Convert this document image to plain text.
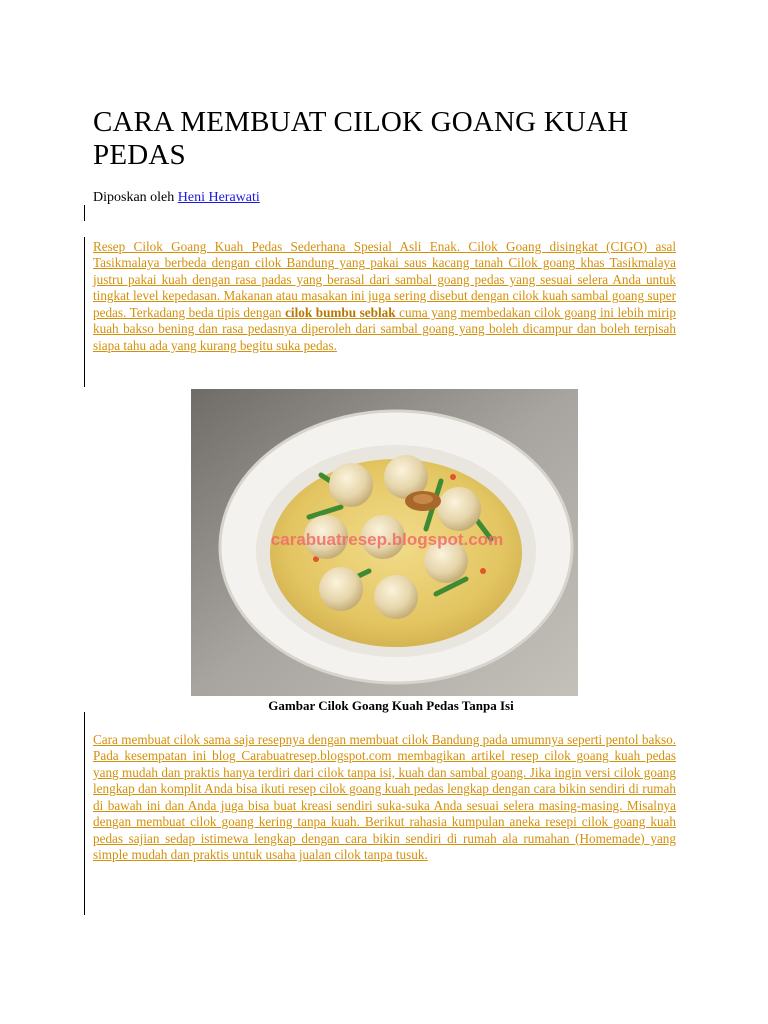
CARA MEMBUAT CILOK GOANG KUAH PEDAS
Diposkan oleh Heni Herawati

Resep Cilok Goang Kuah Pedas Sederhana Spesial Asli Enak. Cilok Goang disingkat (CIGO) asal Tasikmalaya berbeda dengan cilok Bandung yang pakai saus kacang tanah Cilok goang khas Tasikmalaya justru pakai kuah dengan rasa padas yang berasal dari sambal goang pedas yang sesuai selera Anda untuk tingkat level kepedasan. Makanan atau masakan ini juga sering disebut dengan cilok kuah sambal goang super pedas. Terkadang beda tipis dengan cilok bumbu seblak cuma yang membedakan cilok goang ini lebih mirip kuah bakso bening dan rasa pedasnya diperoleh dari sambal goang yang boleh dicampur dan boleh terpisah siapa tahu ada yang kurang begitu suka pedas.

carabuatresep.blogspot.com
Gambar Cilok Goang Kuah Pedas Tanpa Isi

Cara membuat cilok sama saja resepnya dengan membuat cilok Bandung pada umumnya seperti pentol bakso. Pada kesempatan ini blog Carabuatresep.blogspot.com membagikan artikel resep cilok goang kuah pedas yang mudah dan praktis hanya terdiri dari cilok tanpa isi, kuah dan sambal goang. Jika ingin versi cilok goang lengkap dan komplit Anda bisa ikuti resep cilok goang kuah pedas lengkap dengan cara bikin sendiri di rumah di bawah ini dan Anda juga bisa buat kreasi sendiri suka-suka Anda sesuai selera masing-masing. Misalnya dengan membuat cilok goang kering tanpa kuah. Berikut rahasia kumpulan aneka resepi cilok goang kuah pedas sajian sedap istimewa lengkap dengan cara bikin sendiri di rumah ala rumahan (Homemade) yang simple mudah dan praktis untuk usaha jualan cilok tanpa tusuk.
